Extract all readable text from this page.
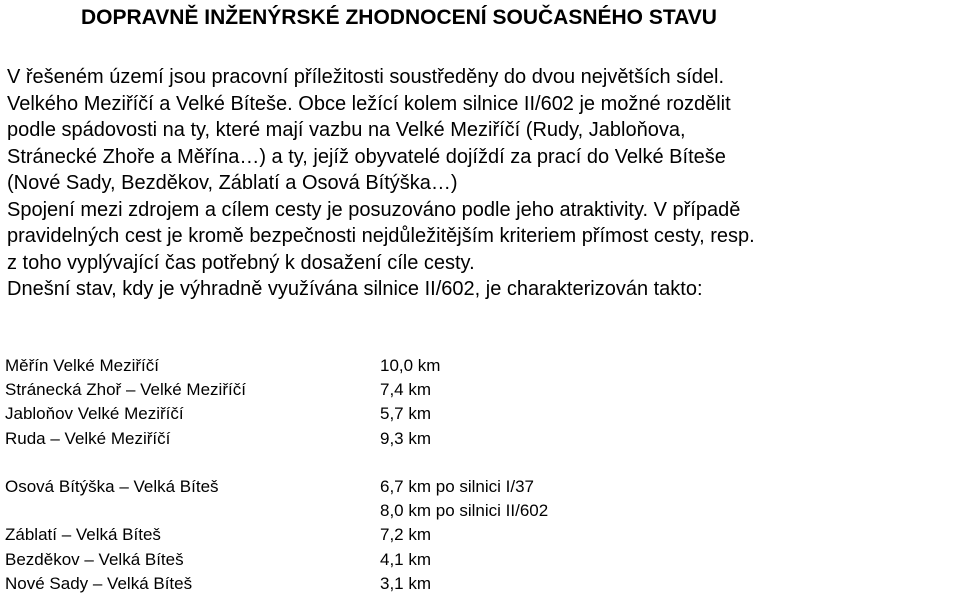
DOPRAVNĚ INŽENÝRSKÉ ZHODNOCENÍ SOUČASNÉHO STAVU
V řešeném území jsou pracovní příležitosti soustředěny do dvou největších sídel.
Velkého Meziříčí a Velké Bíteše. Obce ležící kolem silnice II/602 je možné rozdělit
podle spádovosti na ty, které mají vazbu na Velké Meziříčí (Rudy, Jabloňova,
Stránecké Zhoře a Měřína…) a ty, jejíž obyvatelé dojíždí za prací do Velké Bíteše
(Nové Sady, Bezděkov, Záblatí a Osová Bítýška…)
Spojení mezi zdrojem a cílem cesty je posuzováno podle jeho atraktivity. V případě
pravidelných cest je kromě bezpečnosti nejdůležitějším kriteriem přímost cesty, resp.
z toho vyplývající čas potřebný k dosažení cíle cesty.
Dnešní stav, kdy je výhradně využívána silnice II/602, je charakterizován takto:
Měřín Velké Meziříčí	10,0 km
Stránecká Zhoř – Velké Meziříčí	7,4 km
Jabloňov Velké Meziříčí	5,7 km
Ruda – Velké Meziříčí	9,3 km
Osová Bítýška – Velká Bíteš	6,7 km po silnici I/37
8,0 km po silnici II/602
Záblatí – Velká Bíteš	7,2 km
Bezděkov – Velká Bíteš	4,1 km
Nové Sady – Velká Bíteš	3,1 km
